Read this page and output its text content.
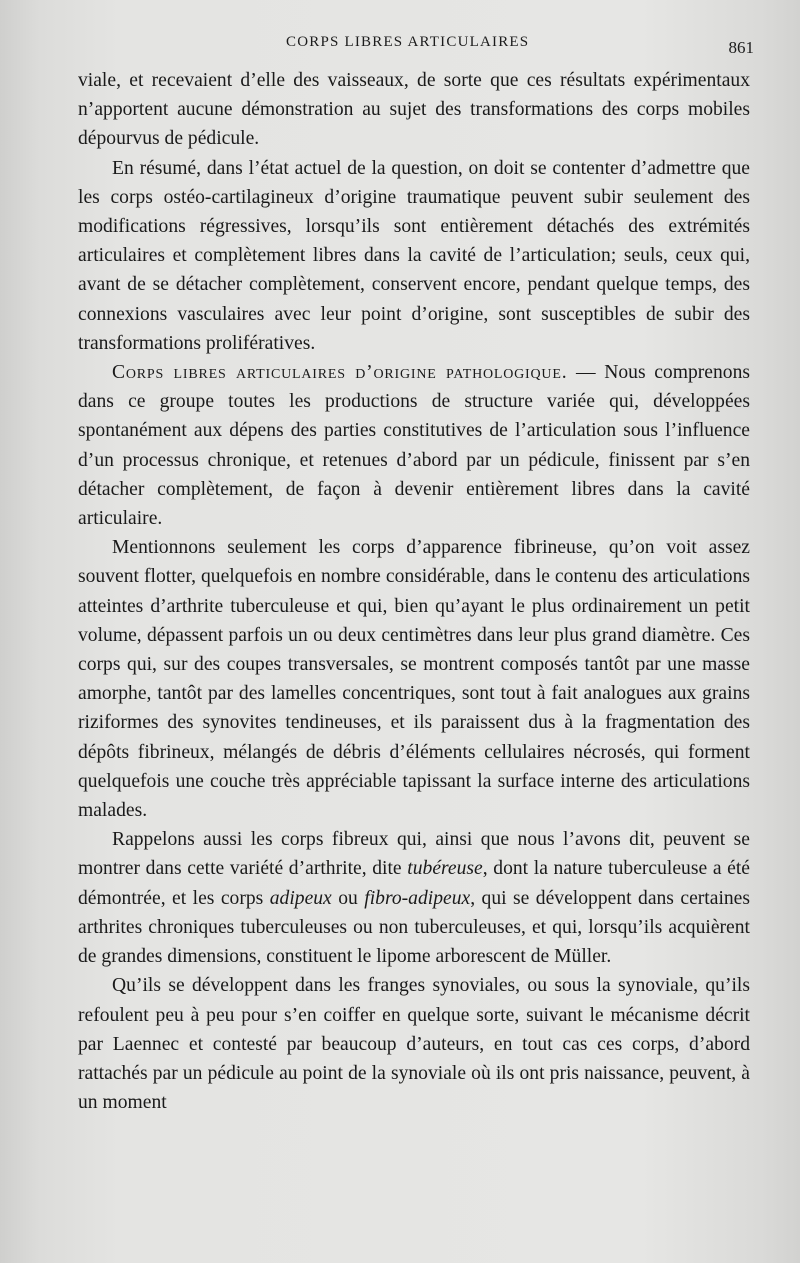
CORPS LIBRES ARTICULAIRES	861

viale, et recevaient d’elle des vaisseaux, de sorte que ces résultats expérimentaux n’apportent aucune démonstration au sujet des transformations des corps mobiles dépourvus de pédicule.

En résumé, dans l’état actuel de la question, on doit se contenter d’admettre que les corps ostéo-cartilagineux d’origine traumatique peuvent subir seulement des modifications régressives, lorsqu’ils sont entièrement détachés des extrémités articulaires et complètement libres dans la cavité de l’articulation; seuls, ceux qui, avant de se détacher complètement, conservent encore, pendant quelque temps, des connexions vasculaires avec leur point d’origine, sont susceptibles de subir des transformations prolifératives.

Corps libres articulaires d’origine pathologique. — Nous comprenons dans ce groupe toutes les productions de structure variée qui, développées spontanément aux dépens des parties constitutives de l’articulation sous l’influence d’un processus chronique, et retenues d’abord par un pédicule, finissent par s’en détacher complètement, de façon à devenir entièrement libres dans la cavité articulaire.

Mentionnons seulement les corps d’apparence fibrineuse, qu’on voit assez souvent flotter, quelquefois en nombre considérable, dans le contenu des articulations atteintes d’arthrite tuberculeuse et qui, bien qu’ayant le plus ordinairement un petit volume, dépassent parfois un ou deux centimètres dans leur plus grand diamètre. Ces corps qui, sur des coupes transversales, se montrent composés tantôt par une masse amorphe, tantôt par des lamelles concentriques, sont tout à fait analogues aux grains riziformes des synovites tendineuses, et ils paraissent dus à la fragmentation des dépôts fibrineux, mélangés de débris d’éléments cellulaires nécrosés, qui forment quelquefois une couche très appréciable tapissant la surface interne des articulations malades.

Rappelons aussi les corps fibreux qui, ainsi que nous l’avons dit, peuvent se montrer dans cette variété d’arthrite, dite tubéreuse, dont la nature tuberculeuse a été démontrée, et les corps adipeux ou fibro-adipeux, qui se développent dans certaines arthrites chroniques tuberculeuses ou non tuberculeuses, et qui, lorsqu’ils acquièrent de grandes dimensions, constituent le lipome arborescent de Müller.

Qu’ils se développent dans les franges synoviales, ou sous la synoviale, qu’ils refoulent peu à peu pour s’en coiffer en quelque sorte, suivant le mécanisme décrit par Laennec et contesté par beaucoup d’auteurs, en tout cas ces corps, d’abord rattachés par un pédicule au point de la synoviale où ils ont pris naissance, peuvent, à un moment
